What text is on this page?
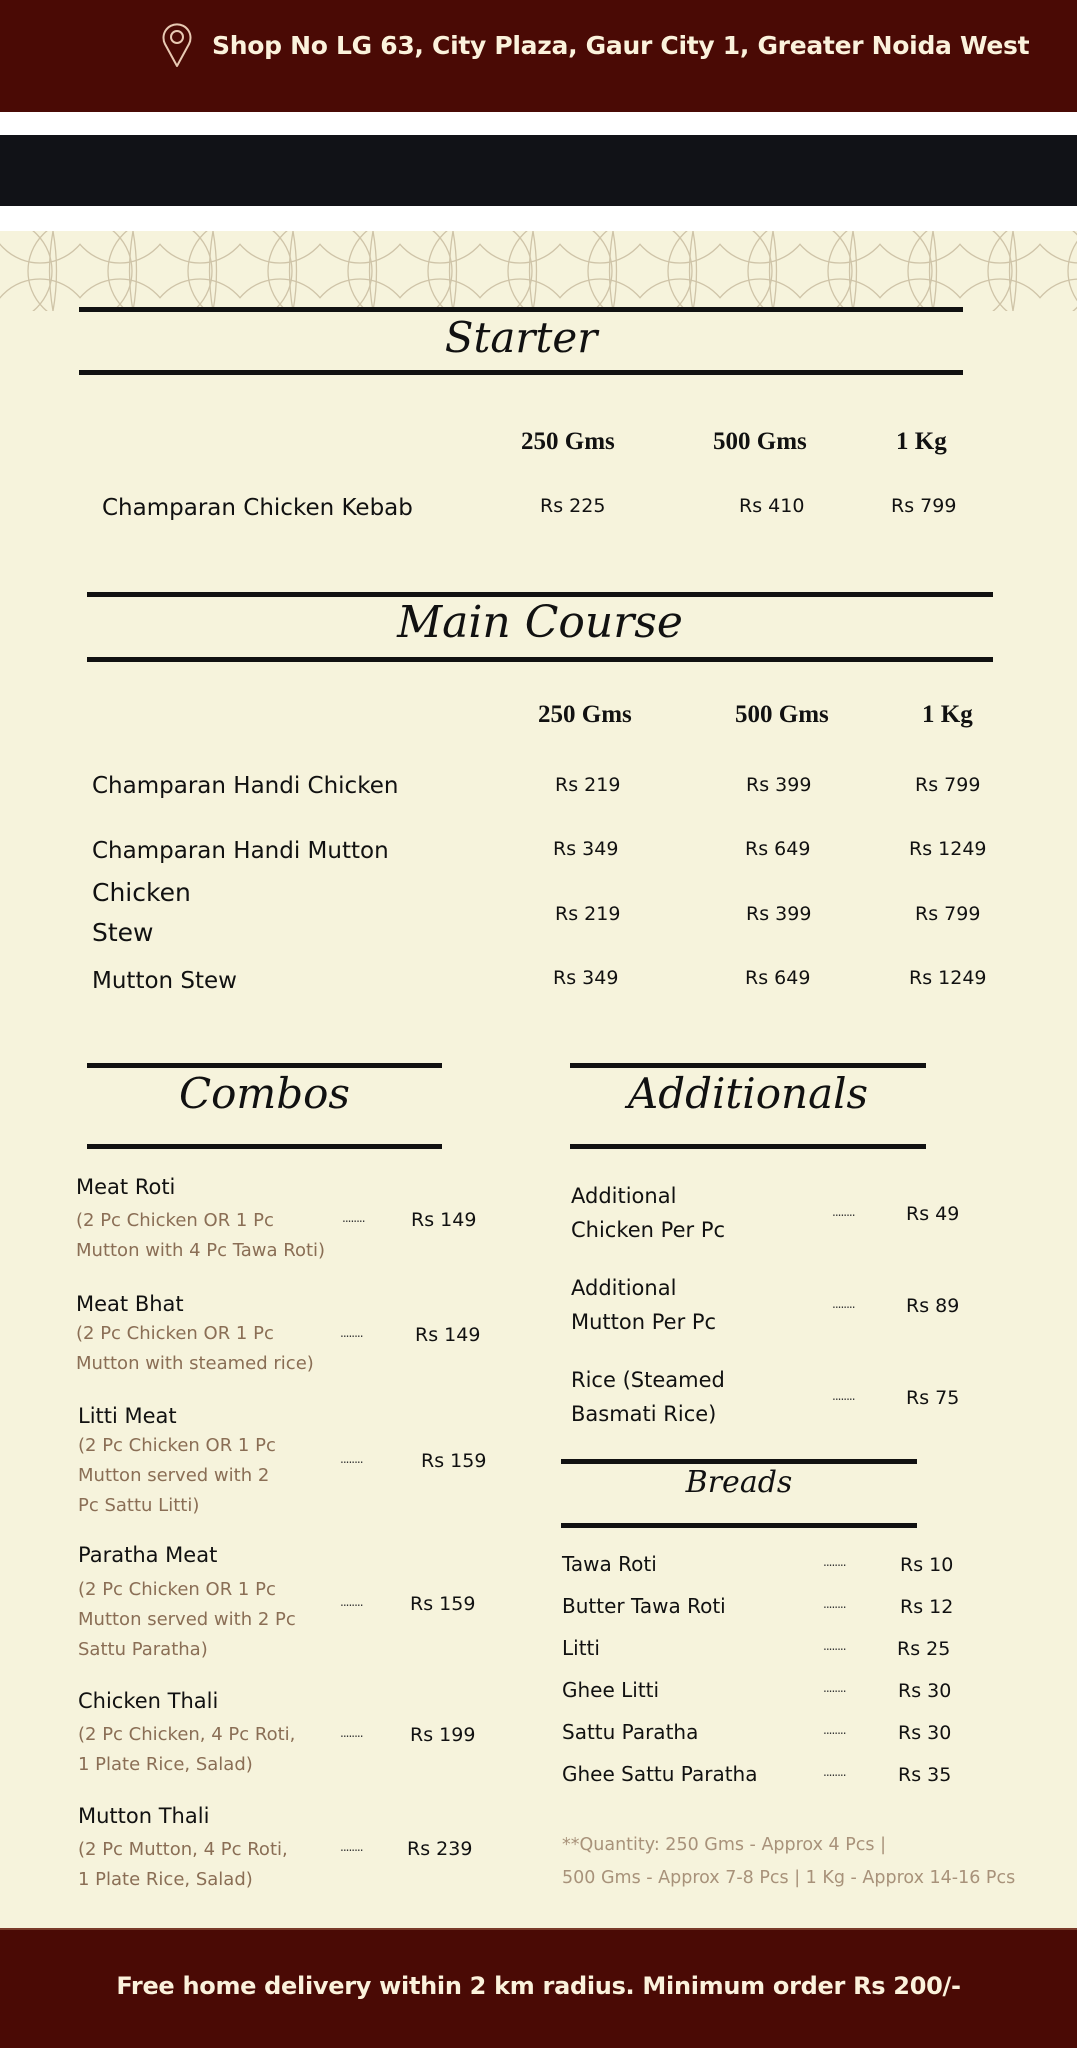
Shop No LG 63, City Plaza, Gaur City 1, Greater Noida West
Starter
250 Gms	500 Gms	1 Kg
Champaran Chicken Kebab	Rs 225	Rs 410	Rs 799
Main Course
250 Gms	500 Gms	1 Kg
Champaran Handi Chicken	Rs 219	Rs 399	Rs 799
Champaran Handi Mutton	Rs 349	Rs 649	Rs 1249
Chicken
Stew
Rs 219	Rs 399	Rs 799
Mutton Stew	Rs 349	Rs 649	Rs 1249
Combos
Meat Roti
(2 Pc Chicken OR 1 Pc
Mutton with 4 Pc Tawa Roti)
........ Rs 149
Meat Bhat
(2 Pc Chicken OR 1 Pc
Mutton with steamed rice)
........	Rs 149
Litti Meat
(2 Pc Chicken OR 1 Pc
Mutton served with 2
Pc Sattu Litti)
........	Rs 159
Paratha Meat
(2 Pc Chicken OR 1 Pc
Mutton served with 2 Pc
Sattu Paratha)
........ Rs 159
Chicken Thali
(2 Pc Chicken, 4 Pc Roti,
1 Plate Rice, Salad)
........ Rs 199
Mutton Thali
(2 Pc Mutton, 4 Pc Roti,
1 Plate Rice, Salad)
........ Rs 239
Additionals
Additional
Chicken Per Pc
........	Rs 49
Additional
Mutton Per Pc
........	Rs 89
Rice (Steamed
Basmati Rice)
........	Rs 75
Breads
Tawa Roti	........	Rs 10
Butter Tawa Roti	........	Rs 12
Litti	........	Rs 25
Ghee Litti	........	Rs 30
Sattu Paratha	........	Rs 30
Ghee Sattu Paratha	........	Rs 35
**Quantity: 250 Gms - Approx 4 Pcs |
500 Gms - Approx 7-8 Pcs | 1 Kg - Approx 14-16 Pcs
Free home delivery within 2 km radius. Minimum order Rs 200/-
